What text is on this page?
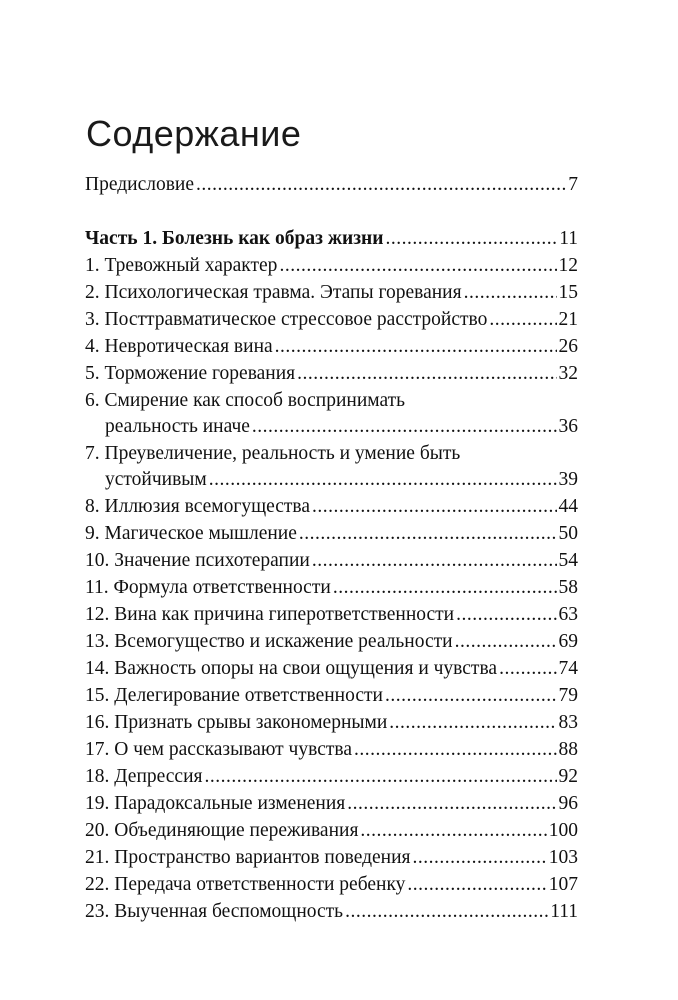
Содержание
Предисловие .....	7
Часть 1. Болезнь как образ жизни .....	11
1. Тревожный характер .....	12
2. Психологическая травма. Этапы горевания .....	15
3. Посттравматическое стрессовое расстройство .....	21
4. Невротическая вина .....	26
5. Торможение горевания .....	32
6. Смирение как способ воспринимать
реальность иначе .....	36
7. Преувеличение, реальность и умение быть
устойчивым .....	39
8. Иллюзия всемогущества .....	44
9. Магическое мышление .....	50
10. Значение психотерапии .....	54
11. Формула ответственности .....	58
12. Вина как причина гиперответственности .....	63
13. Всемогущество и искажение реальности .....	69
14. Важность опоры на свои ощущения и чувства .....	74
15. Делегирование ответственности .....	79
16. Признать срывы закономерными .....	83
17. О чем рассказывают чувства .....	88
18. Депрессия .....	92
19. Парадоксальные изменения .....	96
20. Объединяющие переживания .....	100
21. Пространство вариантов поведения .....	103
22. Передача ответственности ребенку .....	107
23. Выученная беспомощность .....	111
